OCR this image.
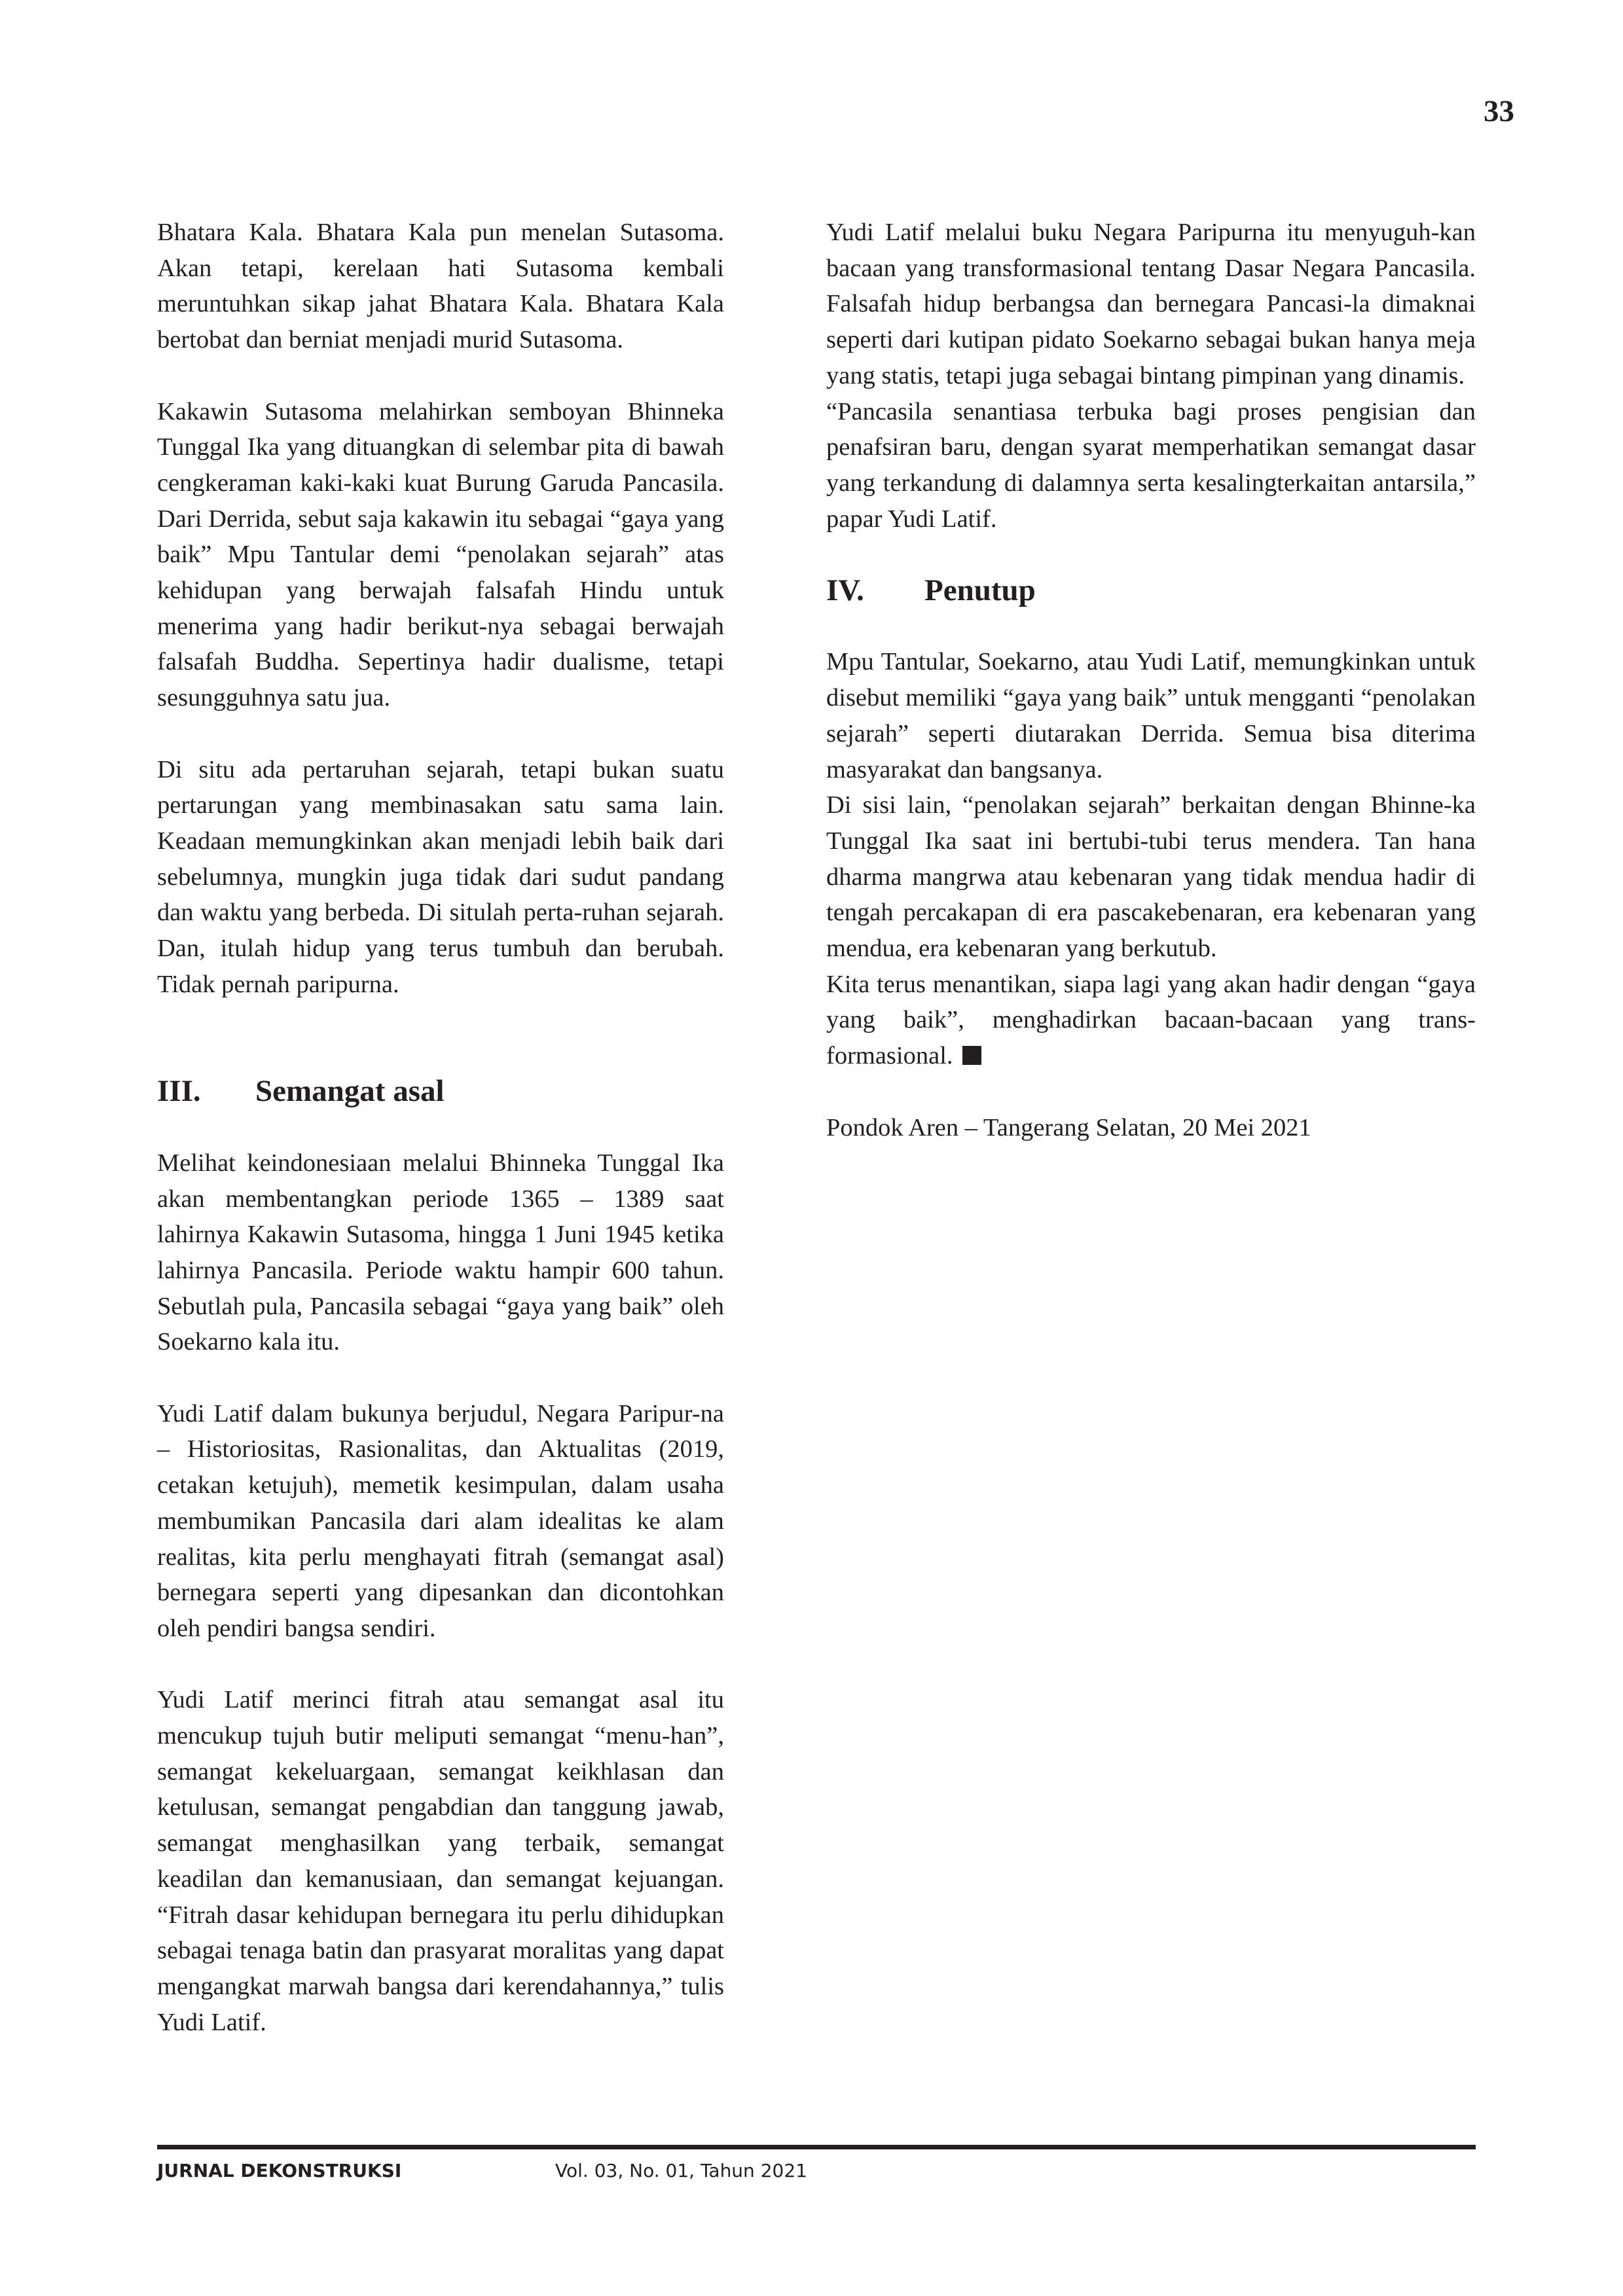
33

Bhatara Kala. Bhatara Kala pun menelan Sutasoma. Akan tetapi, kerelaan hati Sutasoma kembali meruntuhkan sikap jahat Bhatara Kala. Bhatara Kala bertobat dan berniat menjadi murid Sutasoma.

Kakawin Sutasoma melahirkan semboyan Bhinneka Tunggal Ika yang dituangkan di selembar pita di bawah cengkeraman kaki-kaki kuat Burung Garuda Pancasila. Dari Derrida, sebut saja kakawin itu sebagai “gaya yang baik” Mpu Tantular demi “penolakan sejarah” atas kehidupan yang berwajah falsafah Hindu untuk menerima yang hadir berikut-nya sebagai berwajah falsafah Buddha. Sepertinya hadir dualisme, tetapi sesungguhnya satu jua.

Di situ ada pertaruhan sejarah, tetapi bukan suatu pertarungan yang membinasakan satu sama lain. Keadaan memungkinkan akan menjadi lebih baik dari sebelumnya, mungkin juga tidak dari sudut pandang dan waktu yang berbeda. Di situlah perta-ruhan sejarah. Dan, itulah hidup yang terus tumbuh dan berubah. Tidak pernah paripurna.

III.	Semangat asal

Melihat keindonesiaan melalui Bhinneka Tunggal Ika akan membentangkan periode 1365 – 1389 saat lahirnya Kakawin Sutasoma, hingga 1 Juni 1945 ketika lahirnya Pancasila. Periode waktu hampir 600 tahun. Sebutlah pula, Pancasila sebagai “gaya yang baik” oleh Soekarno kala itu.

Yudi Latif dalam bukunya berjudul, Negara Paripur-na – Historiositas, Rasionalitas, dan Aktualitas (2019, cetakan ketujuh), memetik kesimpulan, dalam usaha membumikan Pancasila dari alam idealitas ke alam realitas, kita perlu menghayati fitrah (semangat asal) bernegara seperti yang dipesankan dan dicontohkan oleh pendiri bangsa sendiri.

Yudi Latif merinci fitrah atau semangat asal itu mencukup tujuh butir meliputi semangat “menu-han”, semangat kekeluargaan, semangat keikhlasan dan ketulusan, semangat pengabdian dan tanggung jawab, semangat menghasilkan yang terbaik, semangat keadilan dan kemanusiaan, dan semangat kejuangan. “Fitrah dasar kehidupan bernegara itu perlu dihidupkan sebagai tenaga batin dan prasyarat moralitas yang dapat mengangkat marwah bangsa dari kerendahannya,” tulis Yudi Latif.

Yudi Latif melalui buku Negara Paripurna itu menyuguh-kan bacaan yang transformasional tentang Dasar Negara Pancasila. Falsafah hidup berbangsa dan bernegara Pancasi-la dimaknai seperti dari kutipan pidato Soekarno sebagai bukan hanya meja yang statis, tetapi juga sebagai bintang pimpinan yang dinamis.

“Pancasila senantiasa terbuka bagi proses pengisian dan penafsiran baru, dengan syarat memperhatikan semangat dasar yang terkandung di dalamnya serta kesalingterkaitan antarsila,” papar Yudi Latif.

IV.	Penutup

Mpu Tantular, Soekarno, atau Yudi Latif, memungkinkan untuk disebut memiliki “gaya yang baik” untuk mengganti “penolakan sejarah” seperti diutarakan Derrida. Semua bisa diterima masyarakat dan bangsanya.

Di sisi lain, “penolakan sejarah” berkaitan dengan Bhinne-ka Tunggal Ika saat ini bertubi-tubi terus mendera. Tan hana dharma mangrwa atau kebenaran yang tidak mendua hadir di tengah percakapan di era pascakebenaran, era kebenaran yang mendua, era kebenaran yang berkutub.

Kita terus menantikan, siapa lagi yang akan hadir dengan “gaya yang baik”, menghadirkan bacaan-bacaan yang trans-formasional.

Pondok Aren – Tangerang Selatan, 20 Mei 2021

JURNAL DEKONSTRUKSI	Vol. 03, No. 01, Tahun 2021
